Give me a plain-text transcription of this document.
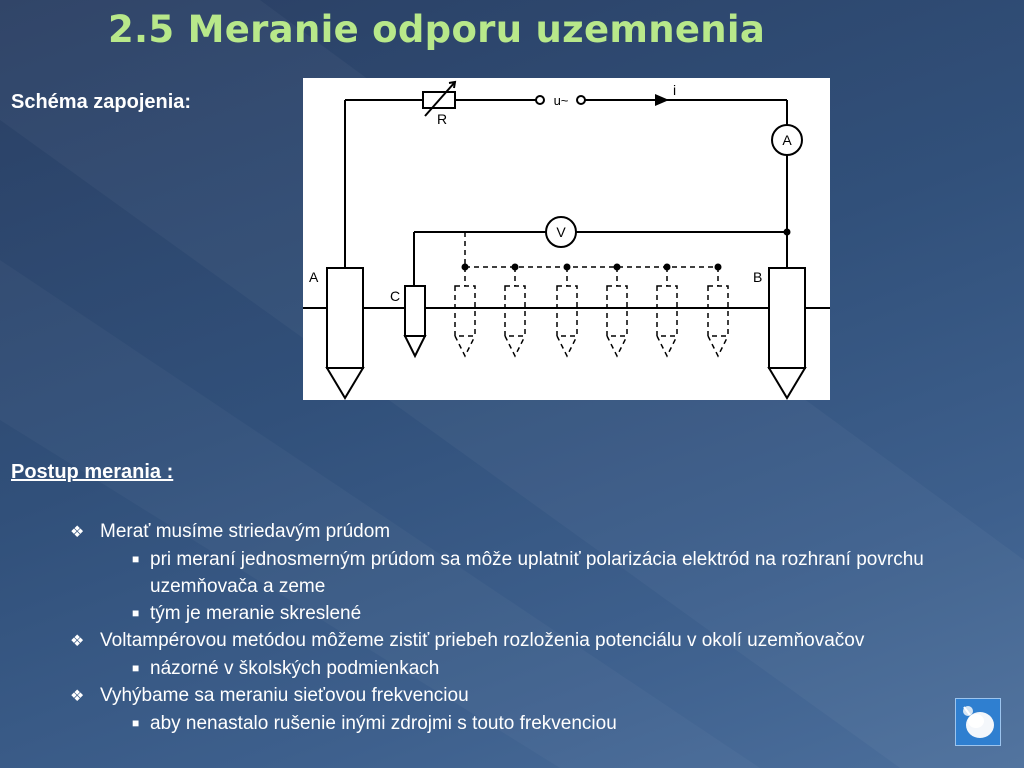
2.5 Meranie odporu uzemnenia
Schéma zapojenia:
R
u~
i
A
V
A	B
C
Postup merania :
❖ Merať musíme striedavým prúdom
■ pri meraní jednosmerným prúdom sa môže uplatniť polarizácia elektród na rozhraní povrchu uzemňovača a zeme
■ tým je meranie skreslené
❖ Voltampérovou metódou môžeme zistiť priebeh rozloženia potenciálu v okolí uzemňovačov
■ názorné v školských podmienkach
❖ Vyhýbame sa meraniu sieťovou frekvenciou
■ aby nenastalo rušenie inými zdrojmi s touto frekvenciou
